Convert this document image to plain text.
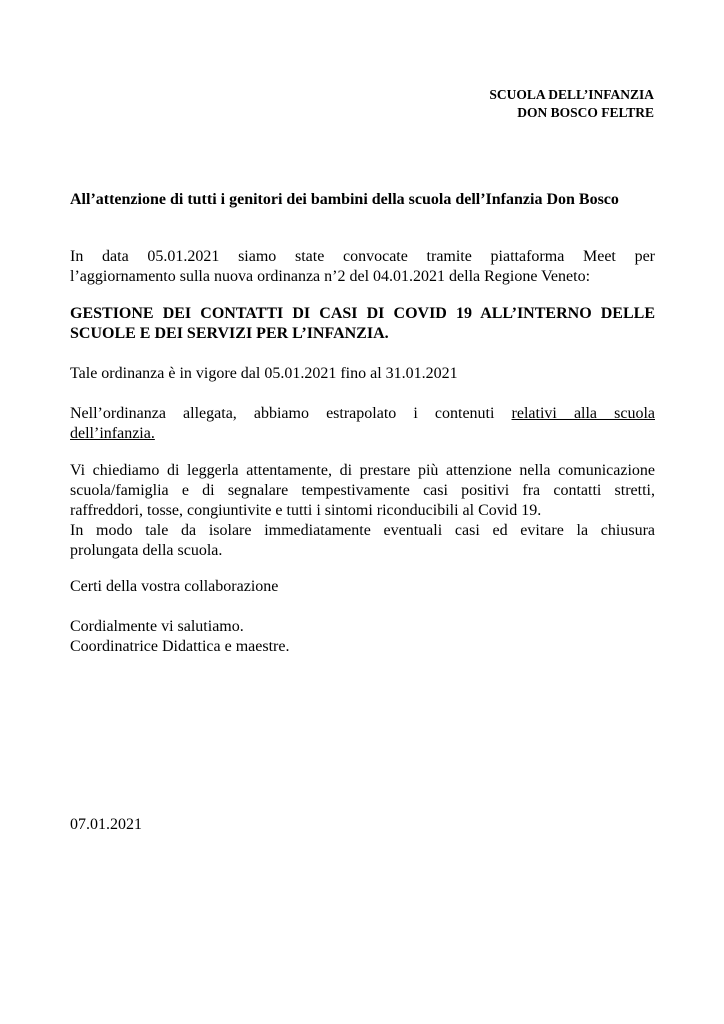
SCUOLA DELL’INFANZIA
DON BOSCO FELTRE
All’attenzione di tutti i genitori dei bambini della scuola dell’Infanzia Don Bosco
In data 05.01.2021 siamo state convocate tramite piattaforma Meet per
l’aggiornamento sulla nuova ordinanza n’2 del 04.01.2021 della Regione Veneto:
GESTIONE DEI CONTATTI DI CASI DI COVID 19 ALL’INTERNO DELLE
SCUOLE E DEI SERVIZI PER L’INFANZIA.
Tale ordinanza è in vigore dal 05.01.2021 fino al 31.01.2021
Nell’ordinanza allegata, abbiamo estrapolato i contenuti relativi alla scuola
dell’infanzia.
Vi chiediamo di leggerla attentamente, di prestare più attenzione nella comunicazione
scuola/famiglia e di segnalare tempestivamente casi positivi fra contatti stretti,
raffreddori, tosse, congiuntivite e tutti i sintomi riconducibili al Covid 19.
In modo tale da isolare immediatamente eventuali casi ed evitare la chiusura
prolungata della scuola.
Certi della vostra collaborazione
Cordialmente vi salutiamo.
Coordinatrice Didattica e maestre.
07.01.2021
